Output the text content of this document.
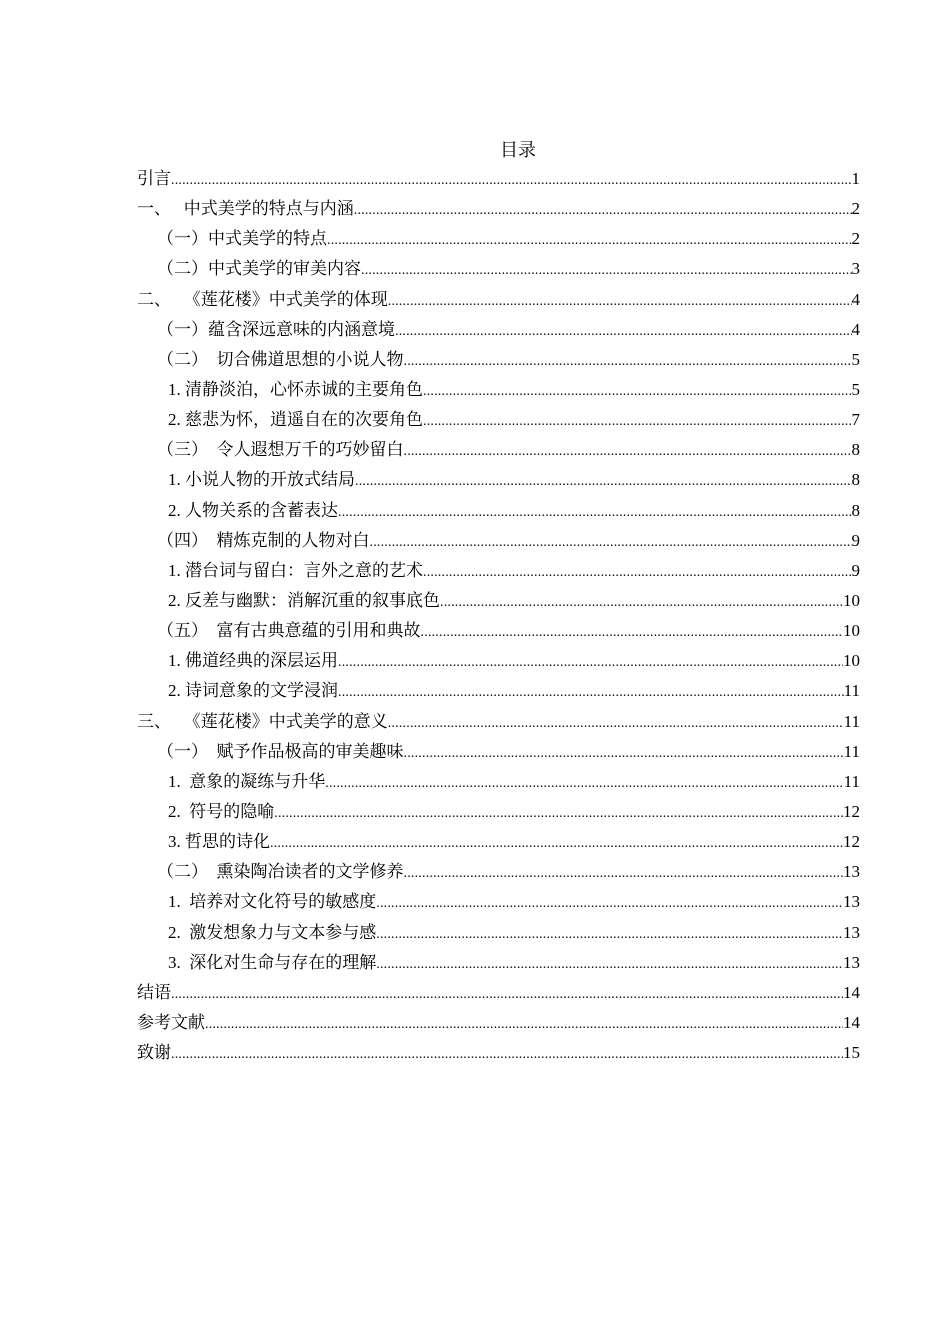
目录
引言 .....	1
一、   中式美学的特点与内涵 .....	2
（一）中式美学的特点 .....	2
（二）中式美学的审美内容 .....	3
二、   《莲花楼》中式美学的体现 .....	4
（一）蕴含深远意味的内涵意境 .....	4
（二）  切合佛道思想的小说人物 .....	5
1. 清静淡泊，心怀赤诚的主要角色 .....	5
2. 慈悲为怀，逍遥自在的次要角色 .....	7
（三）  令人遐想万千的巧妙留白 .....	8
1. 小说人物的开放式结局 .....	8
2. 人物关系的含蓄表达 .....	8
（四）  精炼克制的人物对白 .....	9
1. 潜台词与留白：言外之意的艺术 .....	9
2. 反差与幽默：消解沉重的叙事底色 .....	10
（五）  富有古典意蕴的引用和典故 .....	10
1. 佛道经典的深层运用 .....	10
2. 诗词意象的文学浸润 .....	11
三、   《莲花楼》中式美学的意义 .....	11
（一）  赋予作品极高的审美趣味 .....	11
1.  意象的凝练与升华 .....	11
2.  符号的隐喻 .....	12
3. 哲思的诗化 .....	12
（二）  熏染陶冶读者的文学修养 .....	13
1.  培养对文化符号的敏感度 .....	13
2.  激发想象力与文本参与感 .....	13
3.  深化对生命与存在的理解 .....	13
结语 .....	14
参考文献 .....	14
致谢 .....	15
